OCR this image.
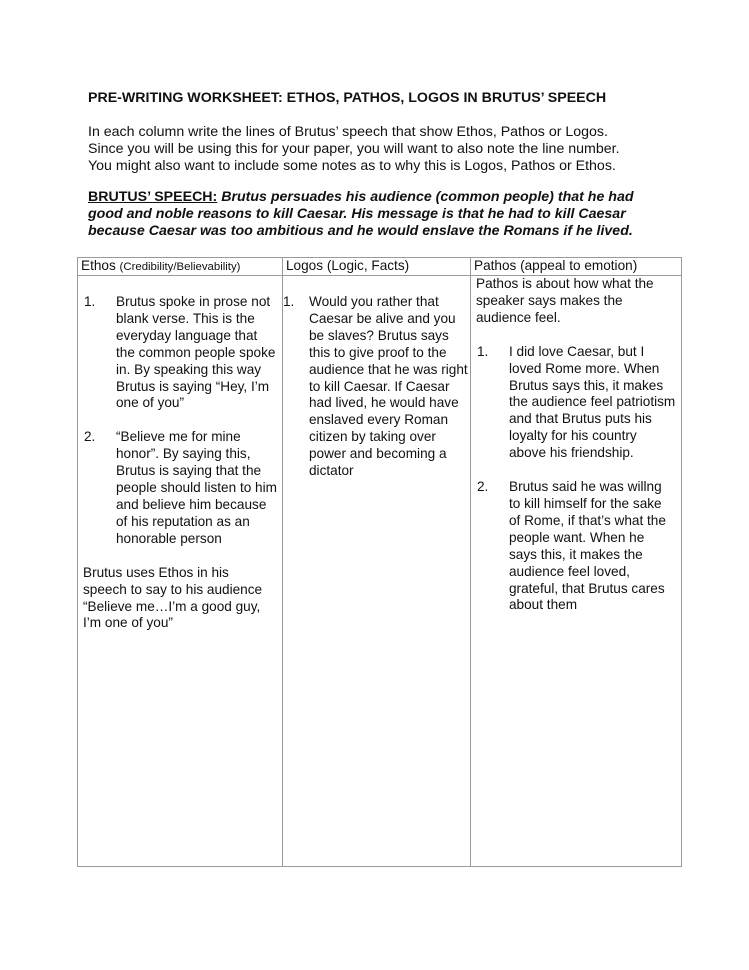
PRE-WRITING WORKSHEET: ETHOS, PATHOS, LOGOS IN BRUTUS’ SPEECH
In each column write the lines of Brutus’ speech that show Ethos, Pathos or Logos.
Since you will be using this for your paper, you will want to also note the line number.
You might also want to include some notes as to why this is Logos, Pathos or Ethos.
BRUTUS’ SPEECH: Brutus persuades his audience (common people) that he had
good and noble reasons to kill Caesar. His message is that he had to kill Caesar
because Caesar was too ambitious and he would enslave the Romans if he lived.
Ethos (Credibility/Believability)	Logos (Logic, Facts)	Pathos (appeal to emotion)

1.	Brutus spoke in prose not blank verse. This is the everyday language that the common people spoke in. By speaking this way Brutus is saying “Hey, I’m one of you”
2.	“Believe me for mine honor”. By saying this, Brutus is saying that the people should listen to him and believe him because of his reputation as an honorable person
Brutus uses Ethos in his speech to say to his audience “Believe me…I’m a good guy, I’m one of you”

1.	Would you rather that Caesar be alive and you be slaves? Brutus says this to give proof to the audience that he was right to kill Caesar. If Caesar had lived, he would have enslaved every Roman citizen by taking over power and becoming a dictator

Pathos is about how what the speaker says makes the audience feel.
1.	I did love Caesar, but I loved Rome more. When Brutus says this, it makes the audience feel patriotism and that Brutus puts his loyalty for his country above his friendship.
2.	Brutus said he was willng to kill himself for the sake of Rome, if that’s what the people want. When he says this, it makes the audience feel loved, grateful, that Brutus cares about them
